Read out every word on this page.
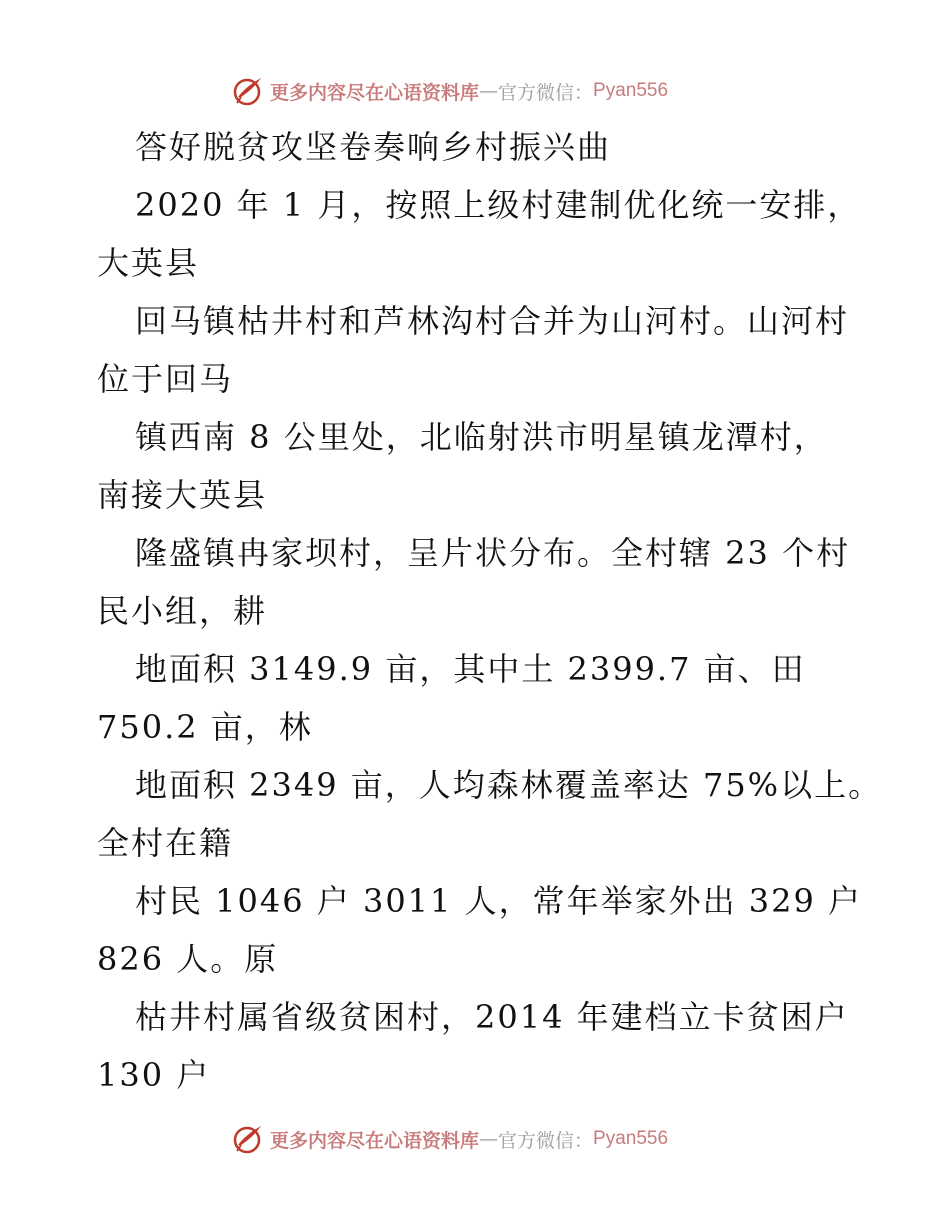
更多内容尽在心语资料库 — 官方微信： Pyan556
答好脱贫攻坚卷奏响乡村振兴曲
2020 年 1 月，按照上级村建制优化统一安排，
大英县
回马镇枯井村和芦林沟村合并为山河村。山河村
位于回马
镇西南 8 公里处，北临射洪市明星镇龙潭村，
南接大英县
隆盛镇冉家坝村，呈片状分布。全村辖 23 个村
民小组，耕
地面积 3149.9 亩，其中土 2399.7 亩、田
750.2 亩，林
地面积 2349 亩，人均森林覆盖率达 75%以上。
全村在籍
村民 1046 户 3011 人，常年举家外出 329 户
826 人。原
枯井村属省级贫困村，2014 年建档立卡贫困户
130 户
更多内容尽在心语资料库 — 官方微信： Pyan556
